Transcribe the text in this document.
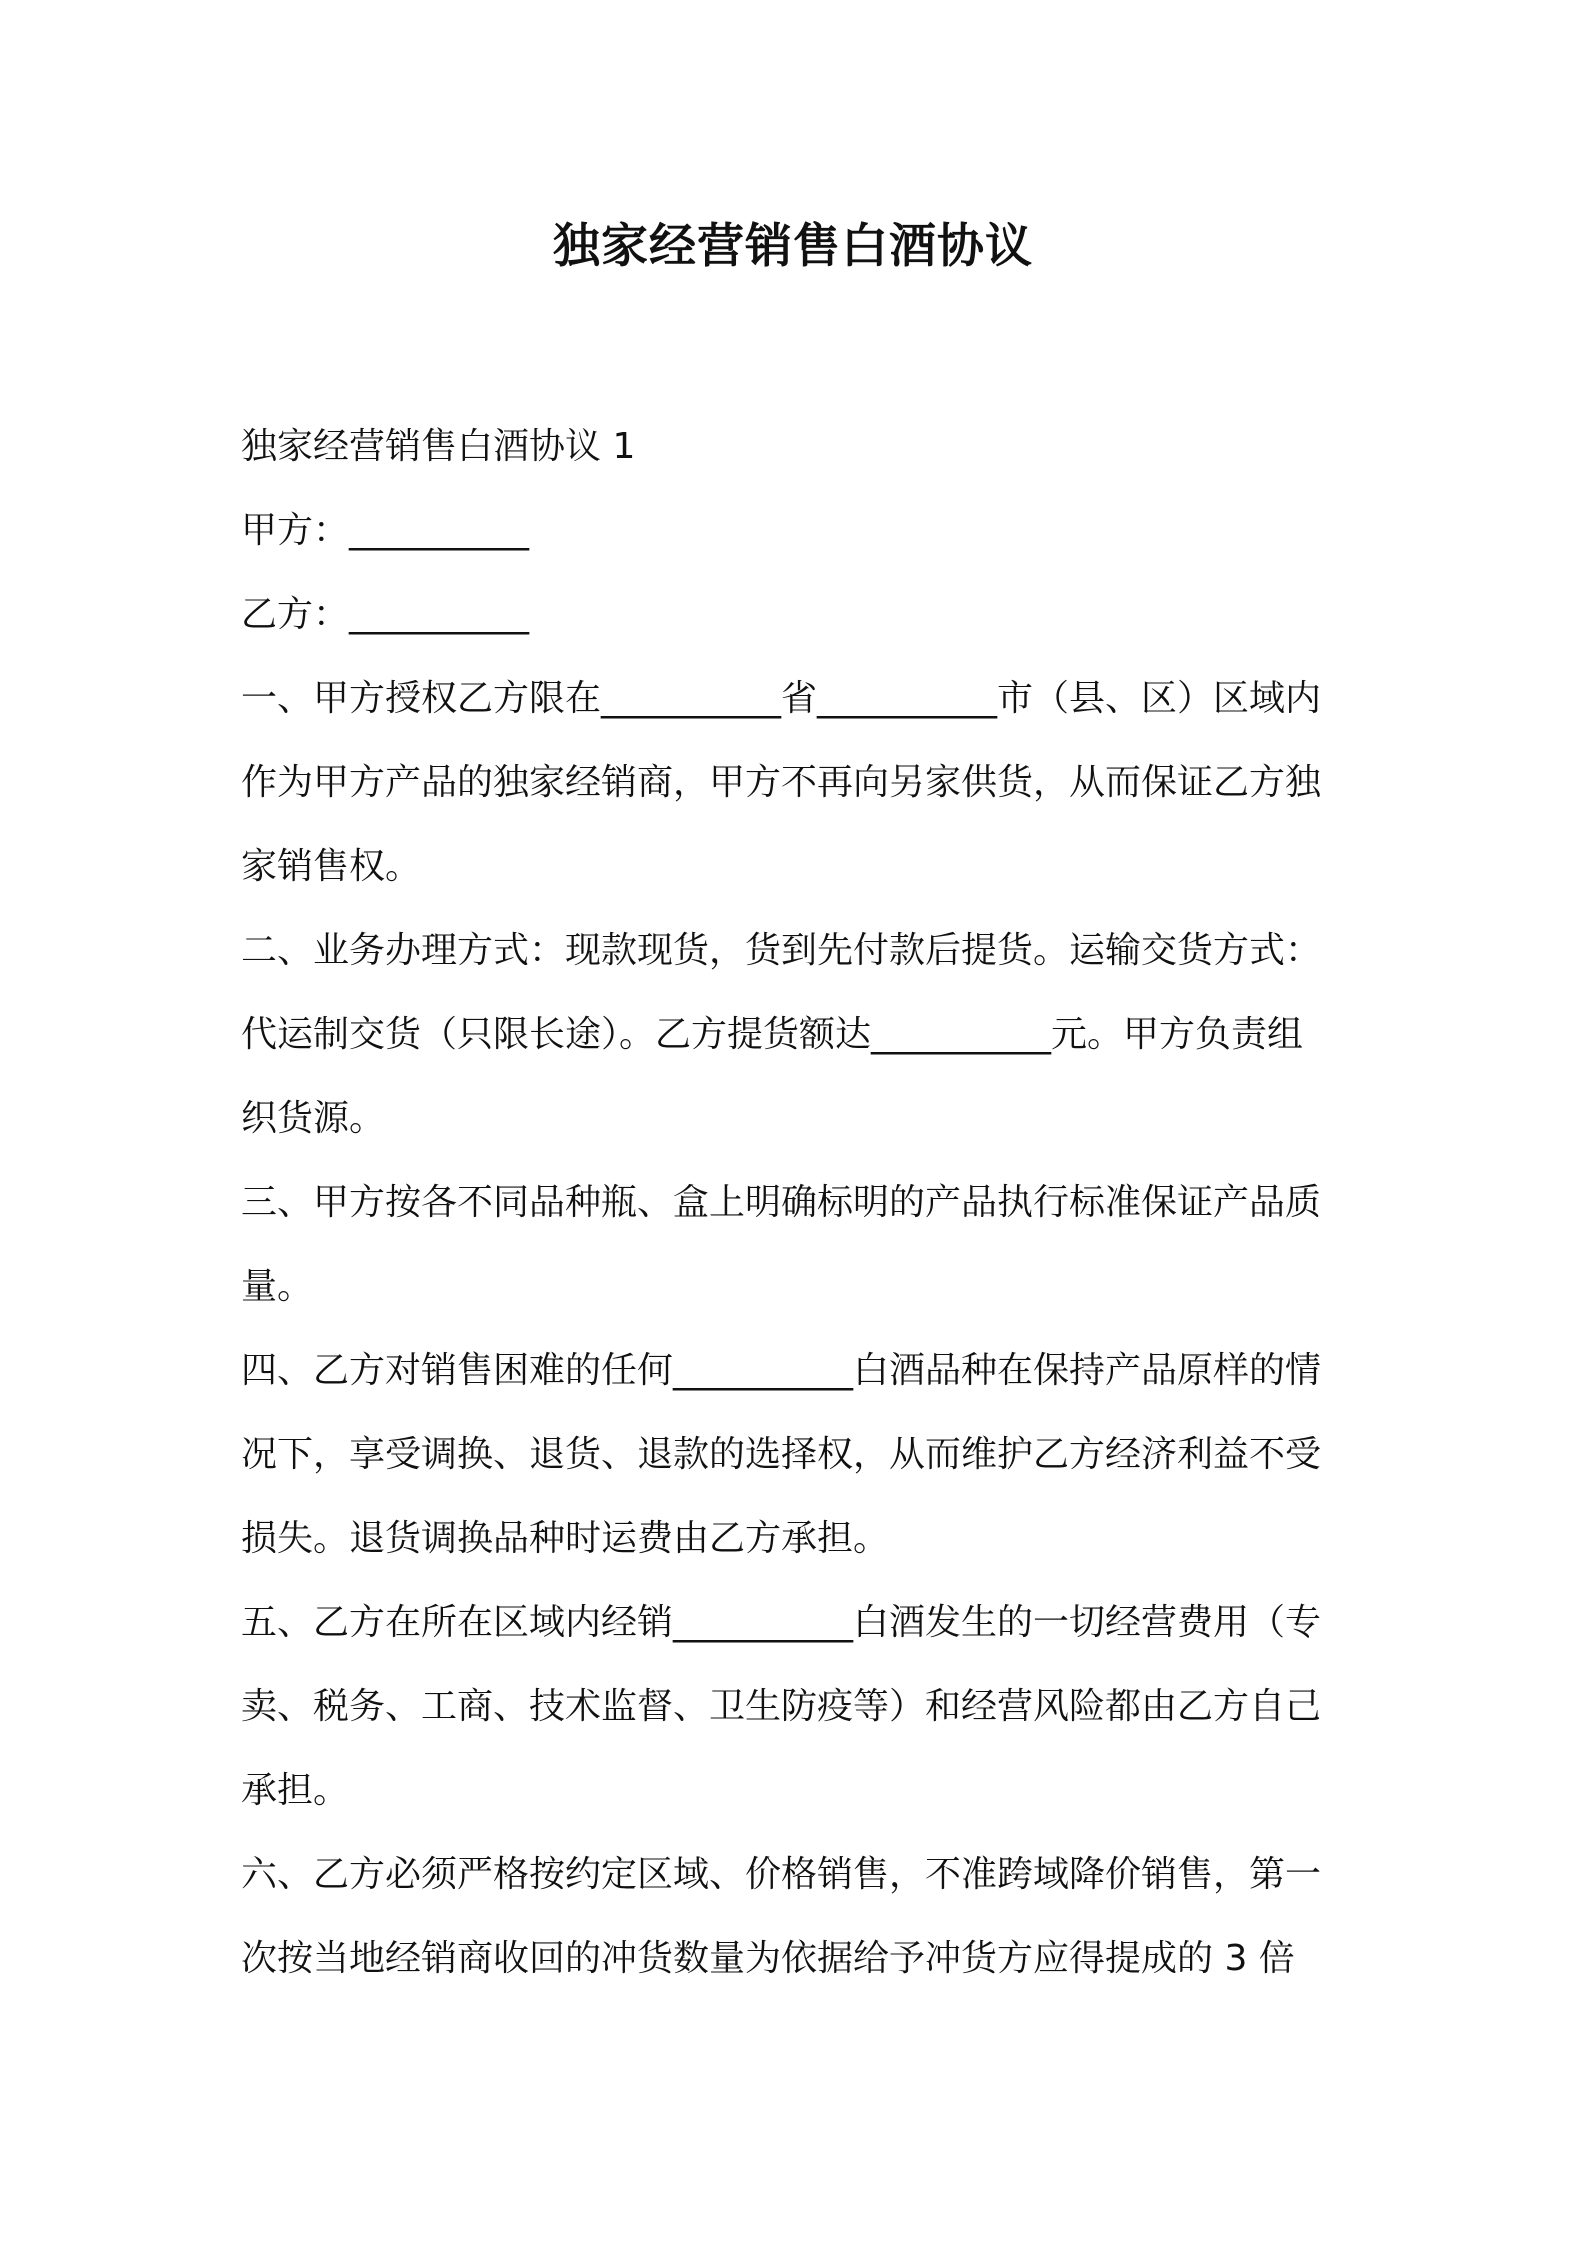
独家经营销售白酒协议

独家经营销售白酒协议 1

甲方：__________

乙方：__________

一、甲方授权乙方限在__________省__________市（县、区）区域内
作为甲方产品的独家经销商，甲方不再向另家供货，从而保证乙方独
家销售权。

二、业务办理方式：现款现货，货到先付款后提货。运输交货方式：
代运制交货（只限长途）。乙方提货额达__________元。甲方负责组
织货源。

三、甲方按各不同品种瓶、盒上明确标明的产品执行标准保证产品质
量。

四、乙方对销售困难的任何__________白酒品种在保持产品原样的情
况下，享受调换、退货、退款的选择权，从而维护乙方经济利益不受
损失。退货调换品种时运费由乙方承担。

五、乙方在所在区域内经销__________白酒发生的一切经营费用（专
卖、税务、工商、技术监督、卫生防疫等）和经营风险都由乙方自己
承担。

六、乙方必须严格按约定区域、价格销售，不准跨域降价销售，第一
次按当地经销商收回的冲货数量为依据给予冲货方应得提成的 3 倍
